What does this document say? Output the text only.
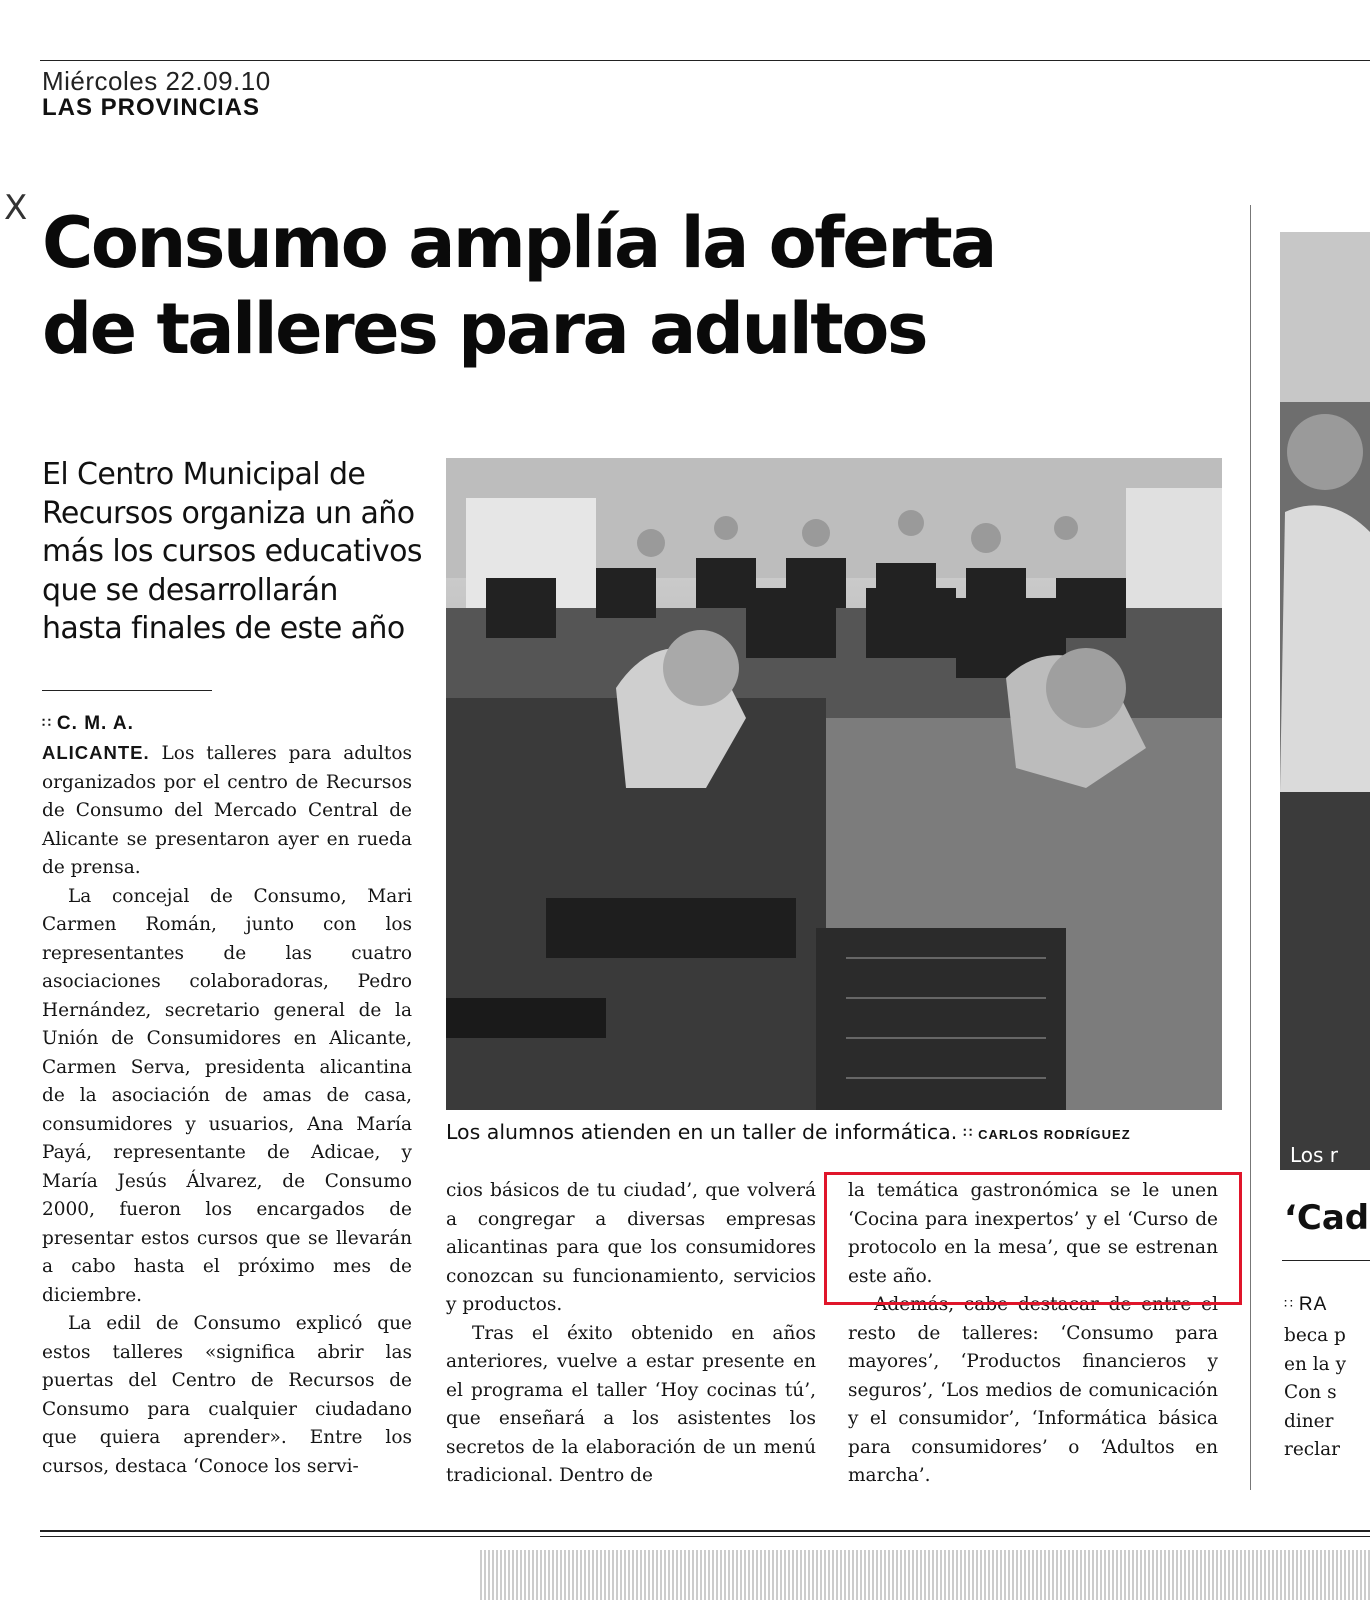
Miércoles 22.09.10
LAS PROVINCIAS
X Consumo amplía la oferta
de talleres para adultos
El Centro Municipal de Recursos organiza un año más los cursos educativos que se desarrollarán hasta finales de este año
∷ C. M. A.

ALICANTE. Los talleres para adultos organizados por el centro de Recursos de Consumo del Mercado Central de Alicante se presentaron ayer en rueda de prensa.

La concejal de Consumo, Mari Carmen Román, junto con los representantes de las cuatro asociaciones colaboradoras, Pedro Hernández, secretario general de la Unión de Consumidores en Alicante, Carmen Serva, presidenta alicantina de la asociación de amas de casa, consumidores y usuarios, Ana María Payá, representante de Adicae, y María Jesús Álvarez, de Consumo 2000, fueron los encargados de presentar estos cursos que se llevarán a cabo hasta el próximo mes de diciembre.

La edil de Consumo explicó que estos talleres «significa abrir las puertas del Centro de Recursos de Consumo para cualquier ciudadano que quiera aprender». Entre los cursos, destaca ‘Conoce los servi-

Los alumnos atienden en un taller de informática. ∷ CARLOS RODRÍGUEZ

cios básicos de tu ciudad’, que volverá a congregar a diversas empresas alicantinas para que los consumidores conozcan su funcionamiento, servicios y productos.

Tras el éxito obtenido en años anteriores, vuelve a estar presente en el programa el taller ‘Hoy cocinas tú’, que enseñará a los asistentes los secretos de la elaboración de un menú tradicional. Dentro de

la temática gastronómica se le unen ‘Cocina para inexpertos’ y el ‘Curso de protocolo en la mesa’, que se estrenan este año.

Además, cabe destacar de entre el resto de talleres: ‘Consumo para mayores’, ‘Productos financieros y seguros’, ‘Los medios de comunicación y el consumidor’, ‘Informática básica para consumidores’ o ‘Adultos en marcha’.

Los r
‘Cad
∷ RA
beca p
en la y
Con s
diner
reclar
